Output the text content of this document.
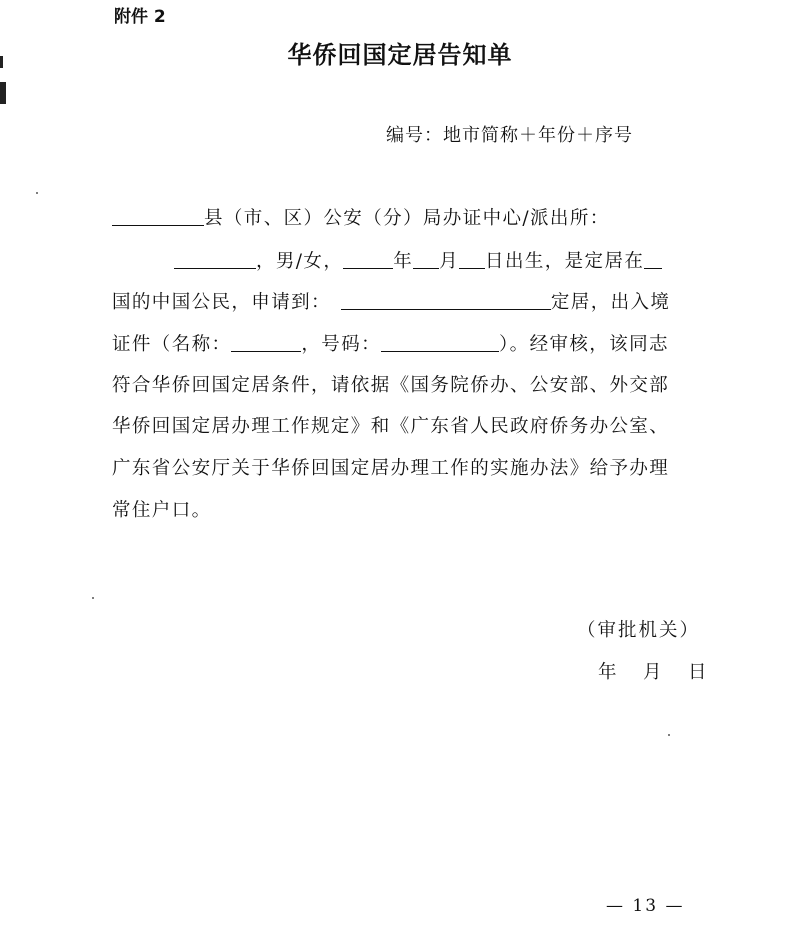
附件 2
华侨回国定居告知单
编号：地市简称＋年份＋序号
县（市、区）公安（分）局办证中心/派出所：
，男/女，	年 月 日出生，是定居在
国的中国公民，申请到：	定居，出入境
证件（名称：	，号码：	）。经审核，该同志
符合华侨回国定居条件，请依据《国务院侨办、公安部、外交部
华侨回国定居办理工作规定》和《广东省人民政府侨务办公室、
广东省公安厅关于华侨回国定居办理工作的实施办法》给予办理
常住户口。
（审批机关）
年　月　日
— 13 —
